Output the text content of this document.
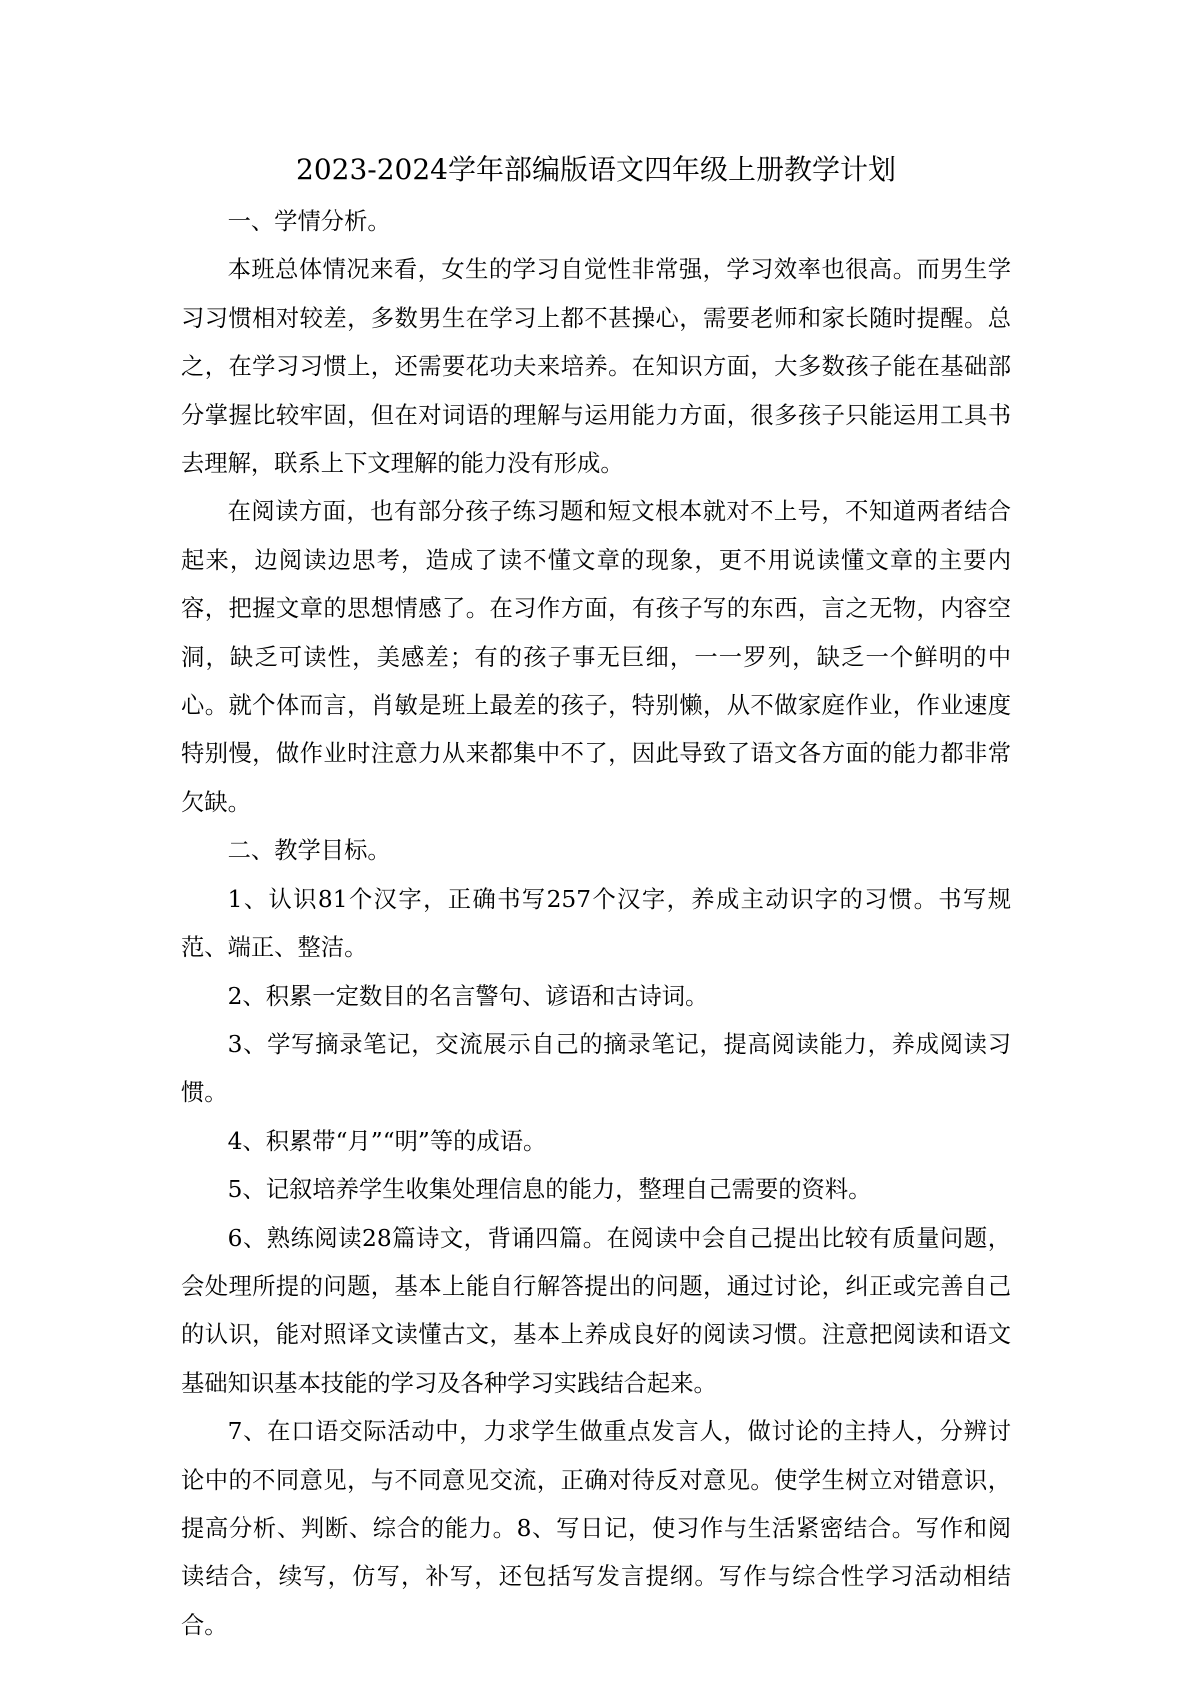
2023-2024学年部编版语文四年级上册教学计划

一、学情分析。

本班总体情况来看，女生的学习自觉性非常强，学习效率也很高。而男生学习习惯相对较差，多数男生在学习上都不甚操心，需要老师和家长随时提醒。总之，在学习习惯上，还需要花功夫来培养。在知识方面，大多数孩子能在基础部分掌握比较牢固，但在对词语的理解与运用能力方面，很多孩子只能运用工具书去理解，联系上下文理解的能力没有形成。

在阅读方面，也有部分孩子练习题和短文根本就对不上号，不知道两者结合起来，边阅读边思考，造成了读不懂文章的现象，更不用说读懂文章的主要内容，把握文章的思想情感了。在习作方面，有孩子写的东西，言之无物，内容空洞，缺乏可读性，美感差；有的孩子事无巨细，一一罗列，缺乏一个鲜明的中心。就个体而言，肖敏是班上最差的孩子，特别懒，从不做家庭作业，作业速度特别慢，做作业时注意力从来都集中不了，因此导致了语文各方面的能力都非常欠缺。

二、教学目标。

1、认识81个汉字，正确书写257个汉字，养成主动识字的习惯。书写规范、端正、整洁。

2、积累一定数目的名言警句、谚语和古诗词。

3、学写摘录笔记，交流展示自己的摘录笔记，提高阅读能力，养成阅读习惯。

4、积累带“月”“明”等的成语。

5、记叙培养学生收集处理信息的能力，整理自己需要的资料。

6、熟练阅读28篇诗文，背诵四篇。在阅读中会自己提出比较有质量问题，会处理所提的问题，基本上能自行解答提出的问题，通过讨论，纠正或完善自己的认识，能对照译文读懂古文，基本上养成良好的阅读习惯。注意把阅读和语文基础知识基本技能的学习及各种学习实践结合起来。

7、在口语交际活动中，力求学生做重点发言人，做讨论的主持人，分辨讨论中的不同意见，与不同意见交流，正确对待反对意见。使学生树立对错意识，提高分析、判断、综合的能力。8、写日记，使习作与生活紧密结合。写作和阅读结合，续写，仿写，补写，还包括写发言提纲。写作与综合性学习活动相结合。
